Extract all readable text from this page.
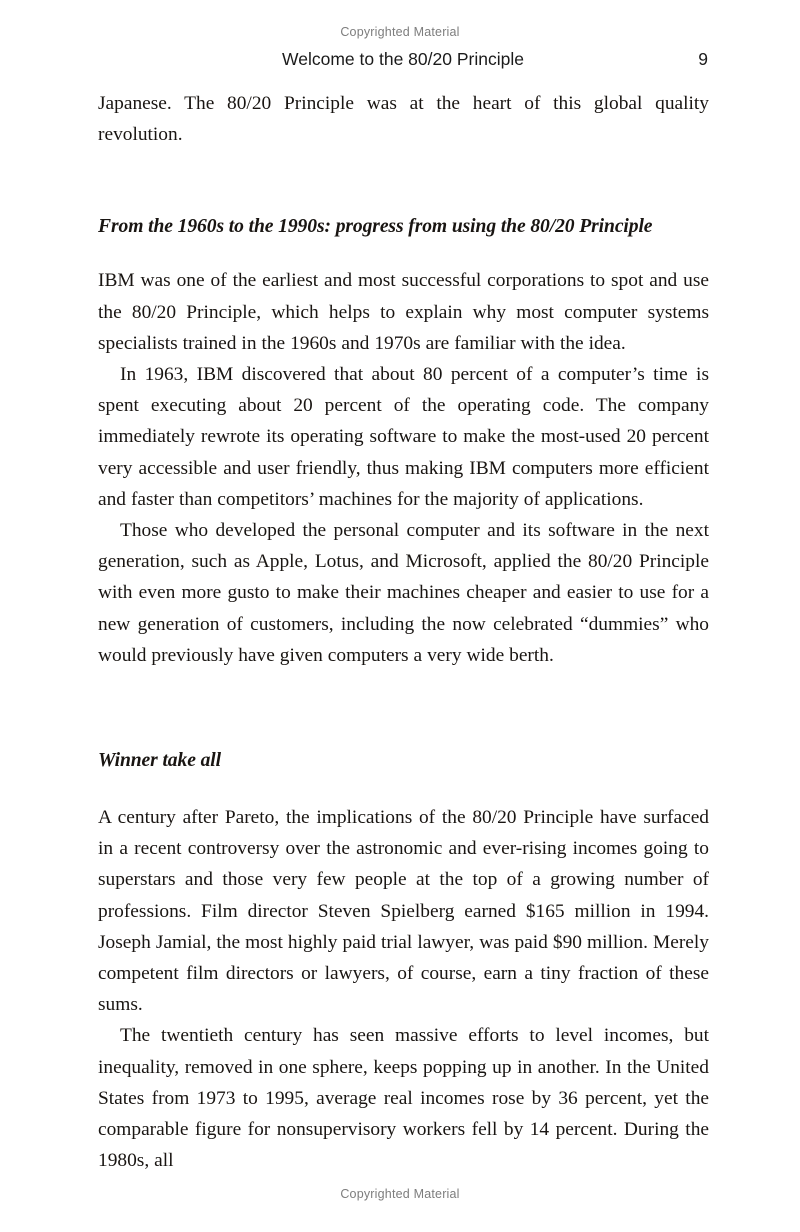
Copyrighted Material
Welcome to the 80/20 Principle	9

Japanese. The 80/20 Principle was at the heart of this global quality revolution.

From the 1960s to the 1990s: progress from using the 80/20 Principle

IBM was one of the earliest and most successful corporations to spot and use the 80/20 Principle, which helps to explain why most computer systems specialists trained in the 1960s and 1970s are familiar with the idea.

In 1963, IBM discovered that about 80 percent of a computer’s time is spent executing about 20 percent of the operating code. The company immediately rewrote its operating software to make the most-used 20 percent very accessible and user friendly, thus making IBM computers more efficient and faster than competitors’ machines for the majority of applications.

Those who developed the personal computer and its software in the next generation, such as Apple, Lotus, and Microsoft, applied the 80/20 Principle with even more gusto to make their machines cheaper and easier to use for a new generation of customers, including the now celebrated “dummies” who would previously have given computers a very wide berth.

Winner take all

A century after Pareto, the implications of the 80/20 Principle have surfaced in a recent controversy over the astronomic and ever-rising incomes going to superstars and those very few people at the top of a growing number of professions. Film director Steven Spielberg earned $165 million in 1994. Joseph Jamial, the most highly paid trial lawyer, was paid $90 million. Merely competent film directors or lawyers, of course, earn a tiny fraction of these sums.

The twentieth century has seen massive efforts to level incomes, but inequality, removed in one sphere, keeps popping up in another. In the United States from 1973 to 1995, average real incomes rose by 36 percent, yet the comparable figure for nonsupervisory workers fell by 14 percent. During the 1980s, all

Copyrighted Material
